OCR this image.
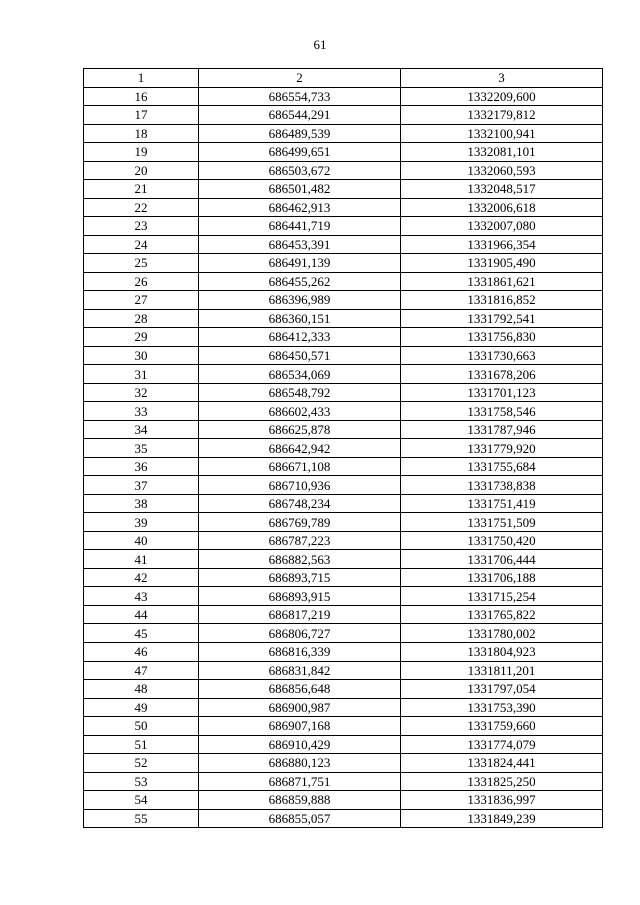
61
1	2	3
16	686554,733	1332209,600
17	686544,291	1332179,812
18	686489,539	1332100,941
19	686499,651	1332081,101
20	686503,672	1332060,593
21	686501,482	1332048,517
22	686462,913	1332006,618
23	686441,719	1332007,080
24	686453,391	1331966,354
25	686491,139	1331905,490
26	686455,262	1331861,621
27	686396,989	1331816,852
28	686360,151	1331792,541
29	686412,333	1331756,830
30	686450,571	1331730,663
31	686534,069	1331678,206
32	686548,792	1331701,123
33	686602,433	1331758,546
34	686625,878	1331787,946
35	686642,942	1331779,920
36	686671,108	1331755,684
37	686710,936	1331738,838
38	686748,234	1331751,419
39	686769,789	1331751,509
40	686787,223	1331750,420
41	686882,563	1331706,444
42	686893,715	1331706,188
43	686893,915	1331715,254
44	686817,219	1331765,822
45	686806,727	1331780,002
46	686816,339	1331804,923
47	686831,842	1331811,201
48	686856,648	1331797,054
49	686900,987	1331753,390
50	686907,168	1331759,660
51	686910,429	1331774,079
52	686880,123	1331824,441
53	686871,751	1331825,250
54	686859,888	1331836,997
55	686855,057	1331849,239
